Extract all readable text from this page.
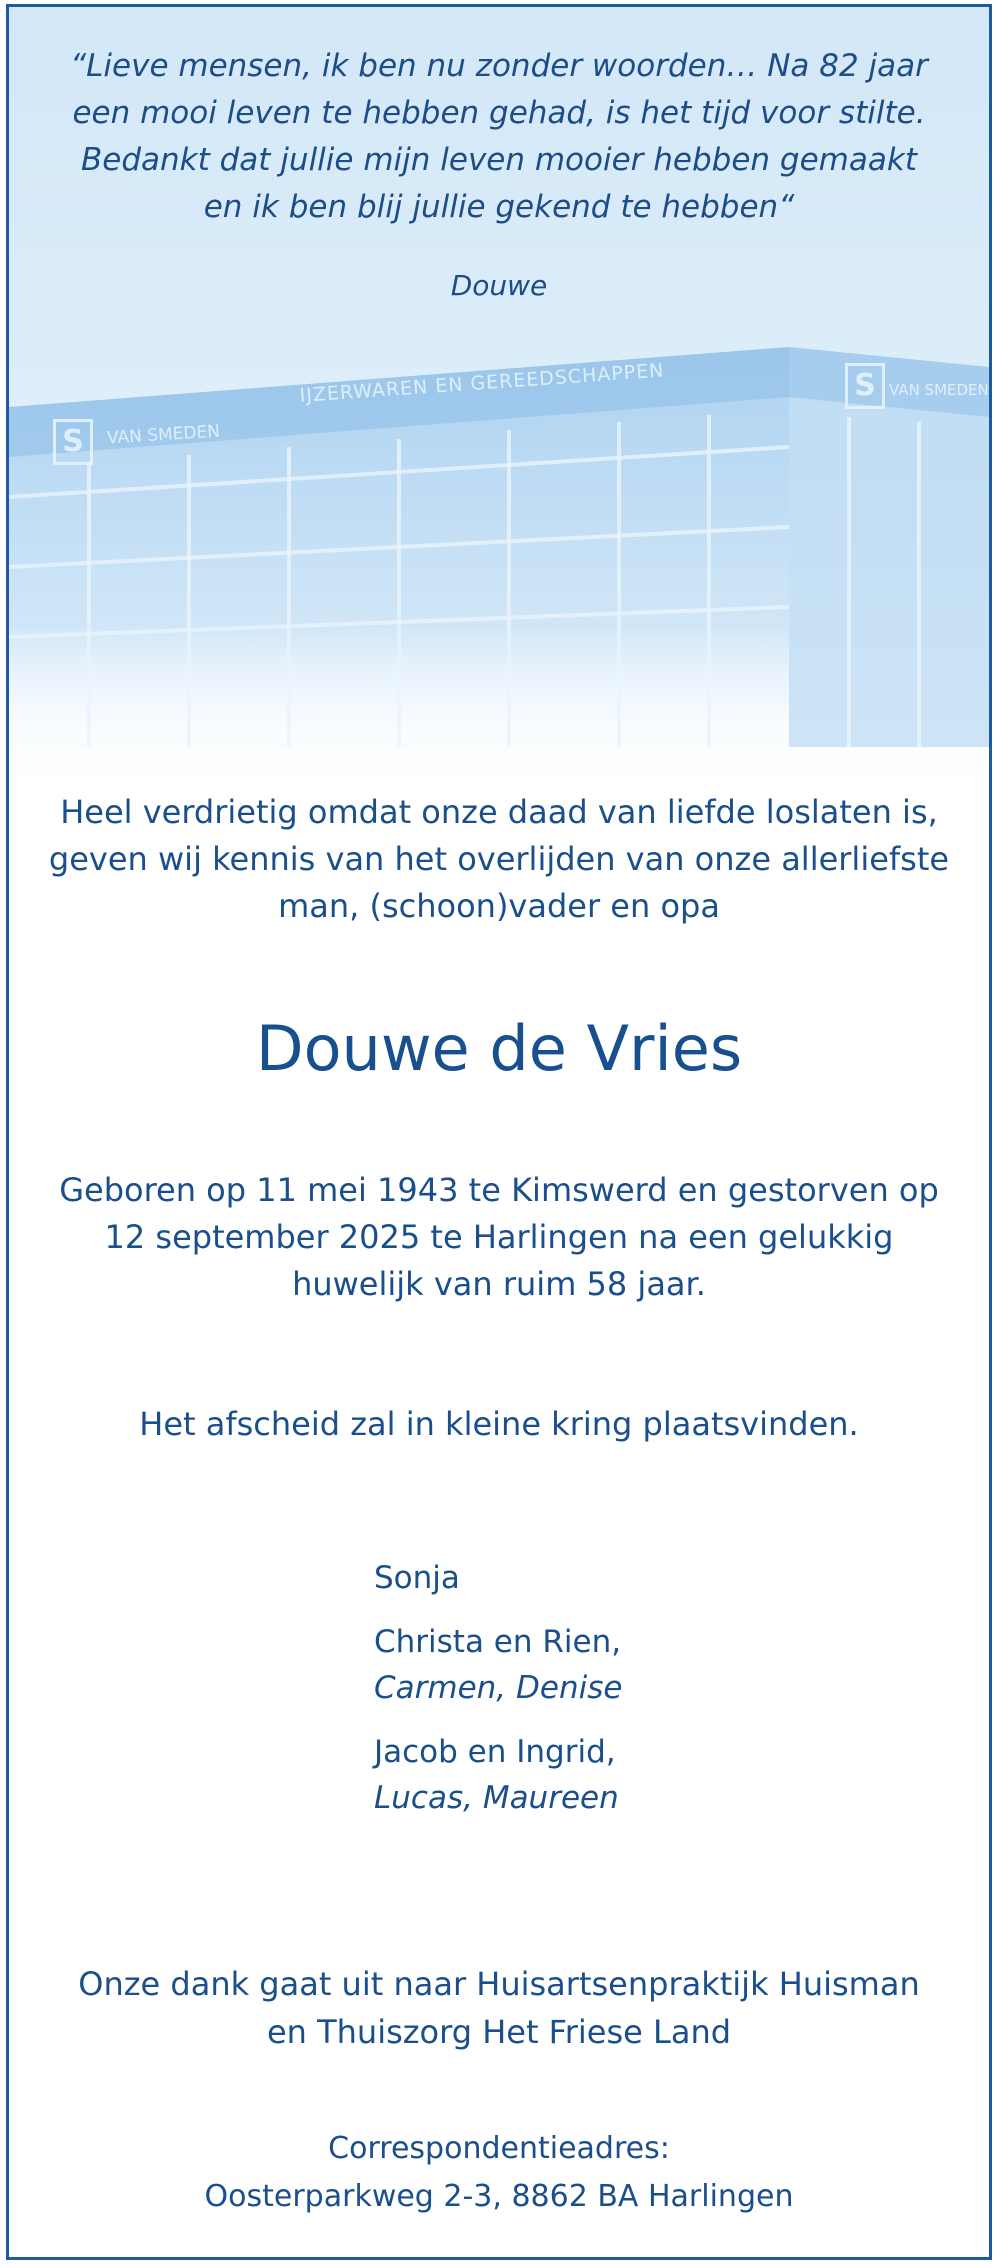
S	VAN SMEDEN
IJZERWAREN EN GEREEDSCHAPPEN	S VAN SMEDEN

“Lieve mensen, ik ben nu zonder woorden… Na 82 jaar

een mooi leven te hebben gehad, is het tijd voor stilte.

Bedankt dat jullie mijn leven mooier hebben gemaakt

en ik ben blij jullie gekend te hebben“

Douwe

Heel verdrietig omdat onze daad van liefde loslaten is,

geven wij kennis van het overlijden van onze allerliefste

man, (schoon)vader en opa

Douwe de Vries

Geboren op 11 mei 1943 te Kimswerd en gestorven op

12 september 2025 te Harlingen na een gelukkig

huwelijk van ruim 58 jaar.

Het afscheid zal in kleine kring plaatsvinden.
Sonja
Christa en Rien,
Carmen, Denise
Jacob en Ingrid,
Lucas, Maureen

Onze dank gaat uit naar Huisartsenpraktijk Huisman

en Thuiszorg Het Friese Land

Correspondentieadres:

Oosterparkweg 2-3, 8862 BA Harlingen
